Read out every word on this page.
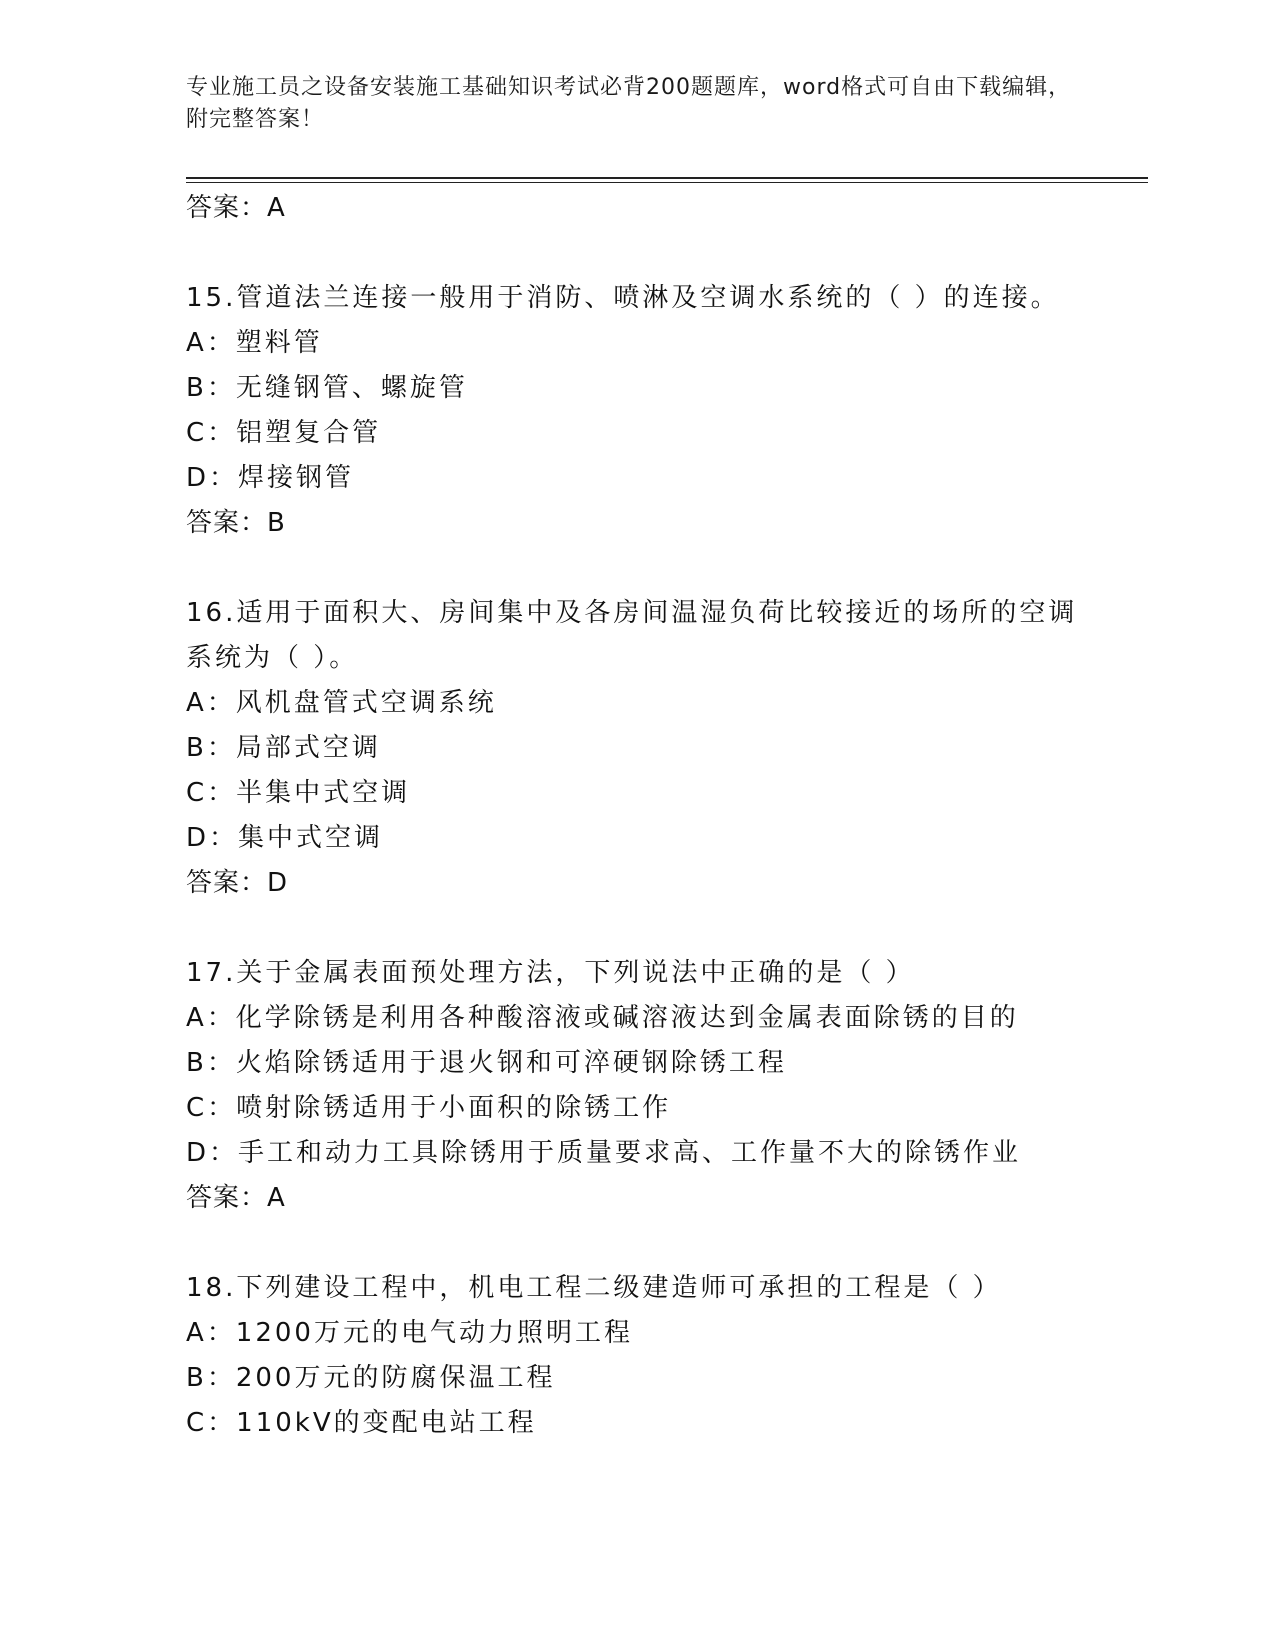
专业施工员之设备安装施工基础知识考试必背200题题库，word格式可自由下载编辑，附完整答案！
答案：A
15.管道法兰连接一般用于消防、喷淋及空调水系统的（ ）的连接。
A：塑料管
B：无缝钢管、螺旋管
C：铝塑复合管
D：焊接钢管
答案：B
16.适用于面积大、房间集中及各房间温湿负荷比较接近的场所的空调系统为（ ）。
A：风机盘管式空调系统
B：局部式空调
C：半集中式空调
D：集中式空调
答案：D
17.关于金属表面预处理方法，下列说法中正确的是（ ）
A：化学除锈是利用各种酸溶液或碱溶液达到金属表面除锈的目的
B：火焰除锈适用于退火钢和可淬硬钢除锈工程
C：喷射除锈适用于小面积的除锈工作
D：手工和动力工具除锈用于质量要求高、工作量不大的除锈作业
答案：A
18.下列建设工程中，机电工程二级建造师可承担的工程是（ ）
A：1200万元的电气动力照明工程
B：200万元的防腐保温工程
C：110kV的变配电站工程
